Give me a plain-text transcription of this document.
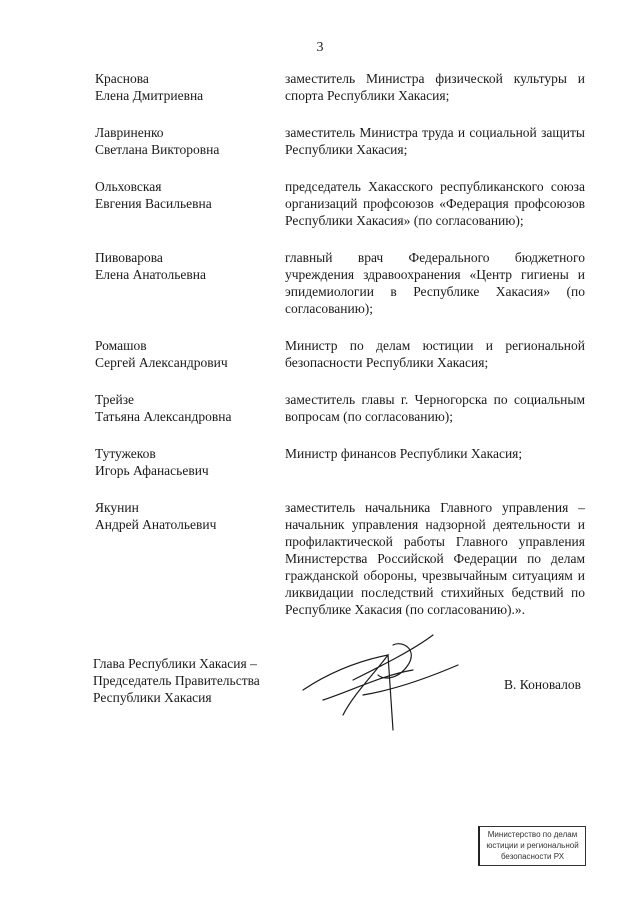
3
Краснова
Елена Дмитриевна
заместитель Министра физической культуры и спорта Республики Хакасия;
Лавриненко
Светлана Викторовна
заместитель Министра труда и социальной защиты Республики Хакасия;
Ольховская
Евгения Васильевна
председатель Хакасского республиканского союза организаций профсоюзов «Федерация профсоюзов Республики Хакасия» (по согласованию);
Пивоварова
Елена Анатольевна
главный врач Федерального бюджетного учреждения здравоохранения «Центр гигиены и эпидемиологии в Республике Хакасия» (по согласованию);
Ромашов
Сергей Александрович
Министр по делам юстиции и региональной безопасности Республики Хакасия;
Трейзе
Татьяна Александровна
заместитель главы г. Черногорска по социальным вопросам (по согласованию);
Тутужеков
Игорь Афанасьевич
Министр финансов Республики Хакасия;
Якунин
Андрей Анатольевич
заместитель начальника Главного управления – начальник управления надзорной деятельности и профилактической работы Главного управления Министерства Российской Федерации по делам гражданской обороны, чрезвычайным ситуациям и ликвидации последствий стихийных бедствий по Республике Хакасия (по согласованию).».
Глава Республики Хакасия –
Председатель Правительства
Республики Хакасия
В. Коновалов
Министерство по делам
юстиции и региональной
безопасности РХ
